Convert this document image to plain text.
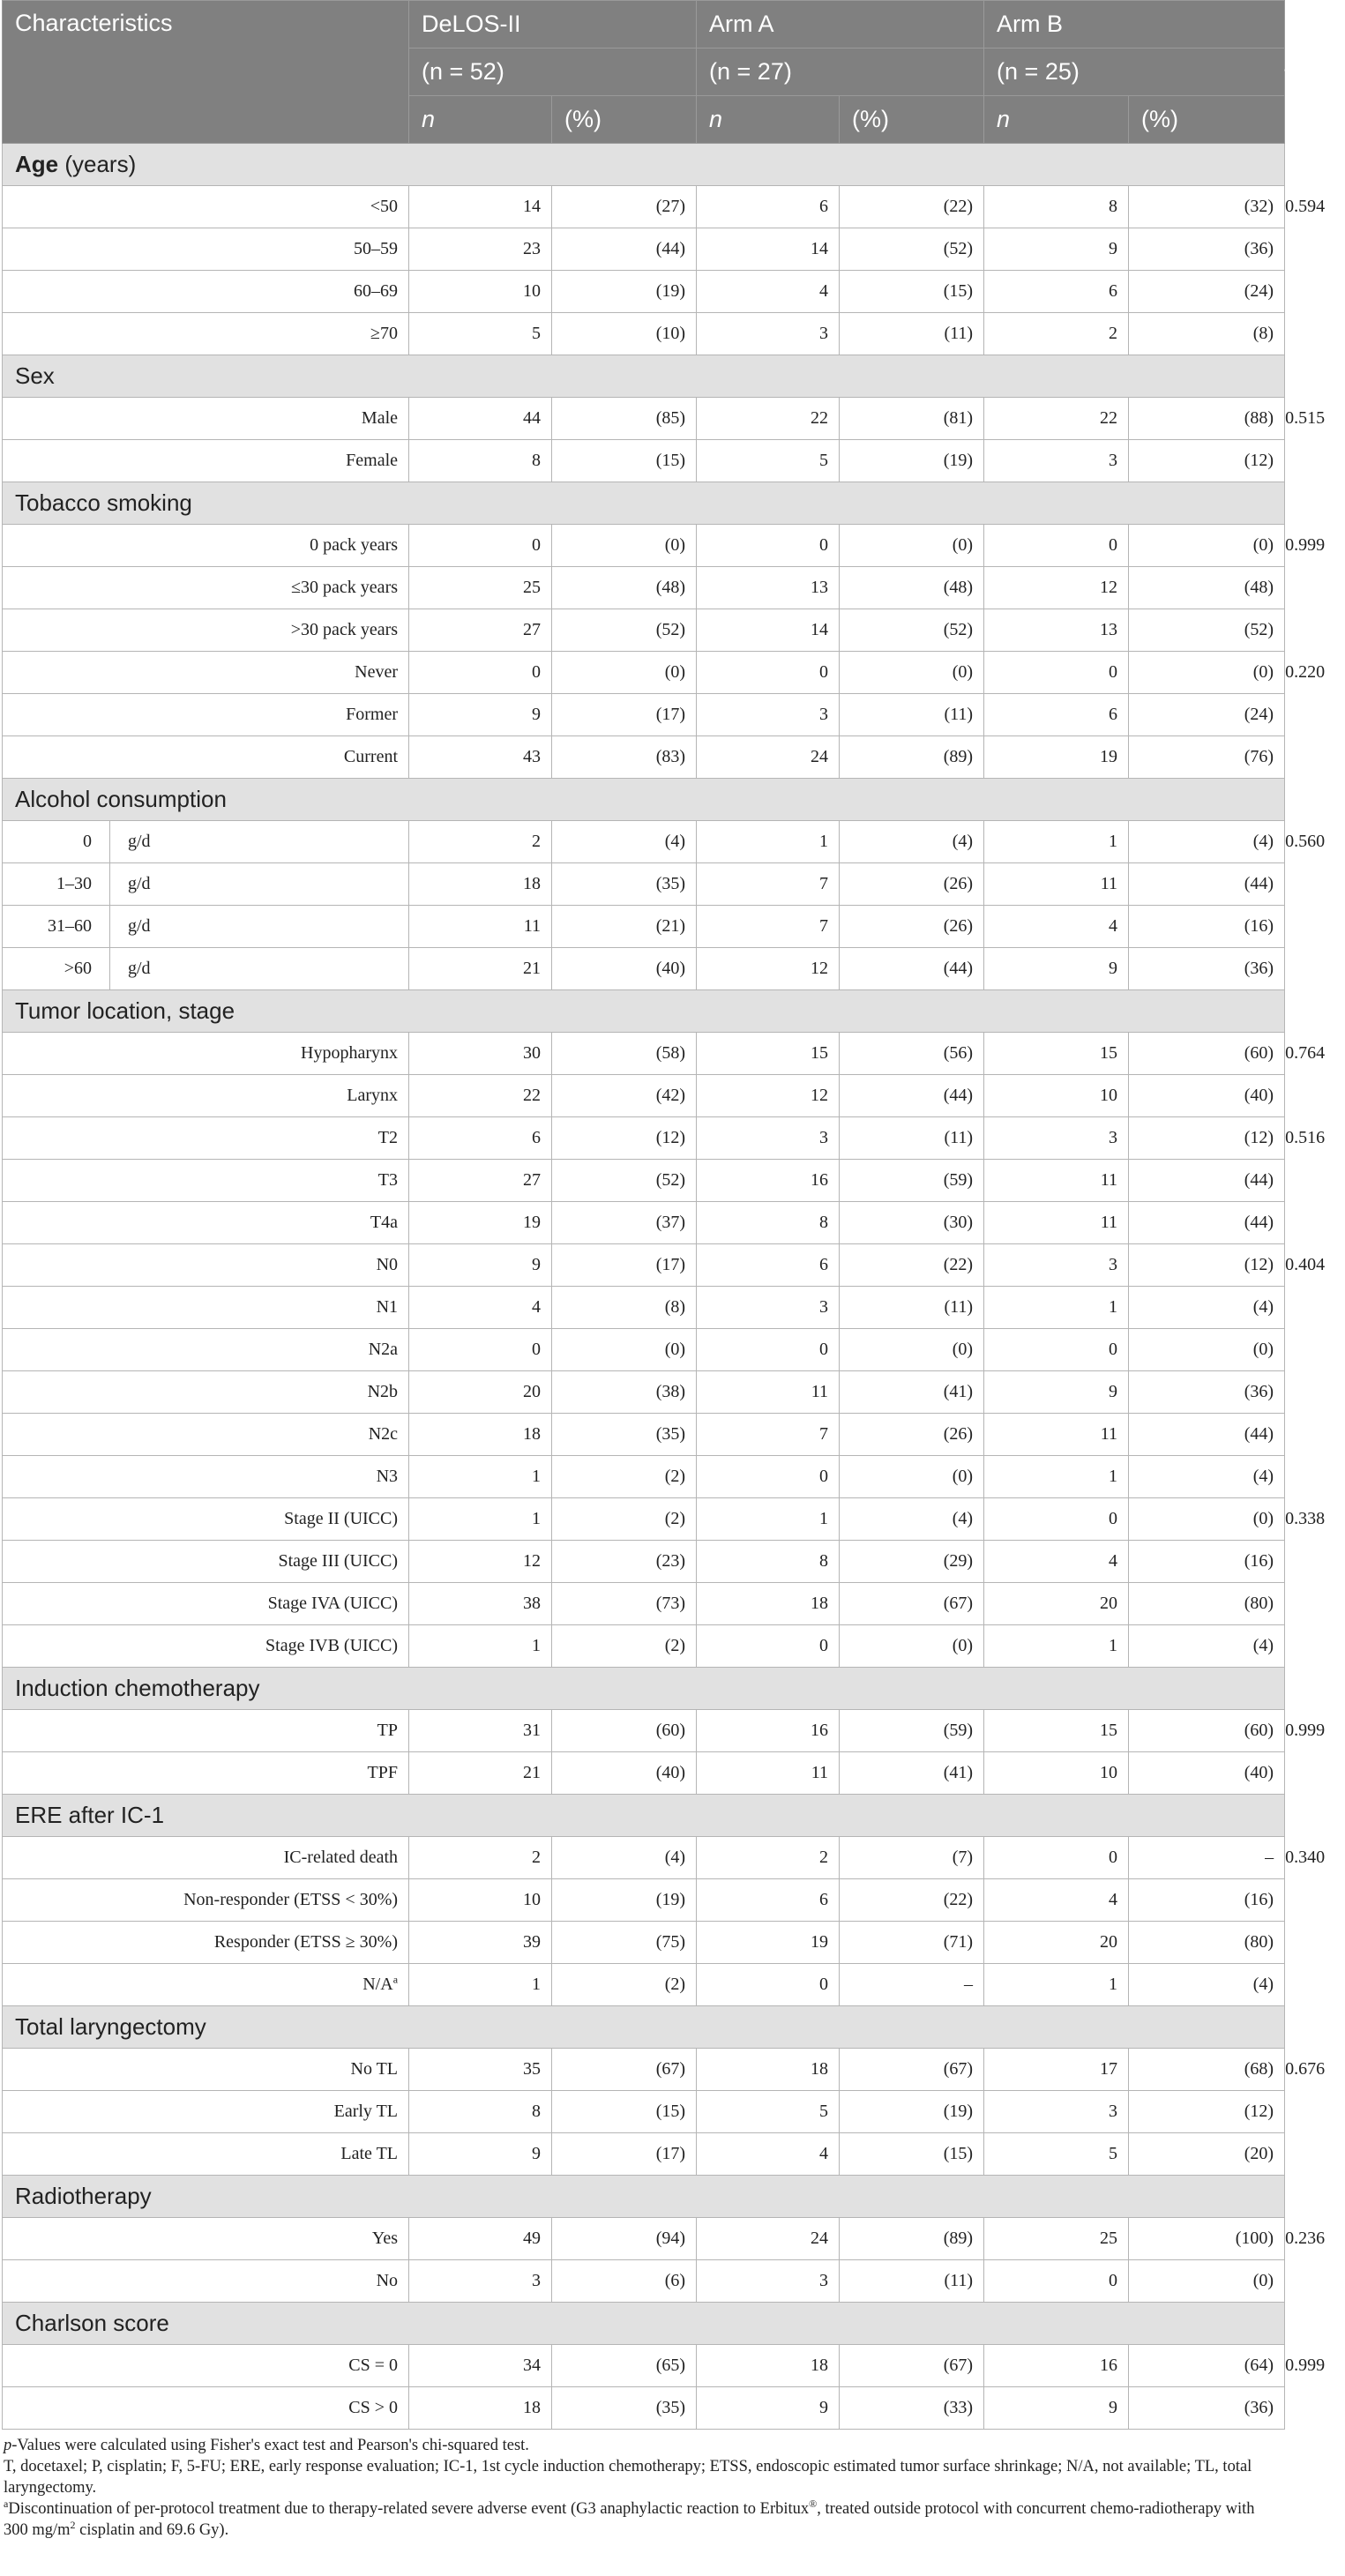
Characteristics	DeLOS-II		Arm A		Arm B		p-Value
	(n = 52)		(n = 27)		(n = 25)		
	n	(%)	n	(%)	n	(%)	
Age (years)							
<50	14	(27)	6	(22)	8	(32)	0.594
50–59	23	(44)	14	(52)	9	(36)	
60–69	10	(19)	4	(15)	6	(24)	
≥70	5	(10)	3	(11)	2	(8)	
Sex							
Male	44	(85)	22	(81)	22	(88)	0.515
Female	8	(15)	5	(19)	3	(12)	
Tobacco smoking							
0 pack years	0	(0)	0	(0)	0	(0)	0.999
≤30 pack years	25	(48)	13	(48)	12	(48)	
>30 pack years	27	(52)	14	(52)	13	(52)	
Never	0	(0)	0	(0)	0	(0)	0.220
Former	9	(17)	3	(11)	6	(24)	
Current	43	(83)	24	(89)	19	(76)	
Alcohol consumption							

0 g/d	2	(4)	1	(4)	1	(4)	0.560

1–30 g/d	18	(35)	7	(26)	11	(44)	

31–60 g/d	11	(21)	7	(26)	4	(16)	

>60 g/d	21	(40)	12	(44)	9	(36)	
Tumor location, stage							
Hypopharynx	30	(58)	15	(56)	15	(60)	0.764
Larynx	22	(42)	12	(44)	10	(40)	
T2	6	(12)	3	(11)	3	(12)	0.516
T3	27	(52)	16	(59)	11	(44)	
T4a	19	(37)	8	(30)	11	(44)	
N0	9	(17)	6	(22)	3	(12)	0.404
N1	4	(8)	3	(11)	1	(4)	
N2a	0	(0)	0	(0)	0	(0)	
N2b	20	(38)	11	(41)	9	(36)	
N2c	18	(35)	7	(26)	11	(44)	
N3	1	(2)	0	(0)	1	(4)	
Stage II (UICC)	1	(2)	1	(4)	0	(0)	0.338
Stage III (UICC)	12	(23)	8	(29)	4	(16)	
Stage IVA (UICC)	38	(73)	18	(67)	20	(80)	
Stage IVB (UICC)	1	(2)	0	(0)	1	(4)	
Induction chemotherapy							
TP	31	(60)	16	(59)	15	(60)	0.999
TPF	21	(40)	11	(41)	10	(40)	
ERE after IC-1							
IC-related death	2	(4)	2	(7)	0	–	0.340
Non-responder (ETSS < 30%)	10	(19)	6	(22)	4	(16)	
Responder (ETSS ≥ 30%)	39	(75)	19	(71)	20	(80)	
$N/A^a$	1	(2)	0	–	1	(4)	
Total laryngectomy							
No TL	35	(67)	18	(67)	17	(68)	0.676
Early TL	8	(15)	5	(19)	3	(12)	
Late TL	9	(17)	4	(15)	5	(20)	
Radiotherapy							
Yes	49	(94)	24	(89)	25	(100)	0.236
No	3	(6)	3	(11)	0	(0)	
Charlson score							
CS = 0	34	(65)	18	(67)	16	(64)	0.999
CS > 0	18	(35)	9	(33)	9	(36)	

p-Values were calculated using Fisher's exact test and Pearson's chi-squared test.

T, docetaxel; P, cisplatin; F, 5-FU; ERE, early response evaluation; IC-1, 1st cycle induction chemotherapy; ETSS, endoscopic estimated tumor surface shrinkage; N/A, not available; TL, total laryngectomy.

$^a$Discontinuation of per-protocol treatment due to therapy-related severe adverse event (G3 anaphylactic reaction to Erbitux®, treated outside protocol with concurrent chemo-radiotherapy with 300 $mg/m^2$ cisplatin and 69.6 Gy).
